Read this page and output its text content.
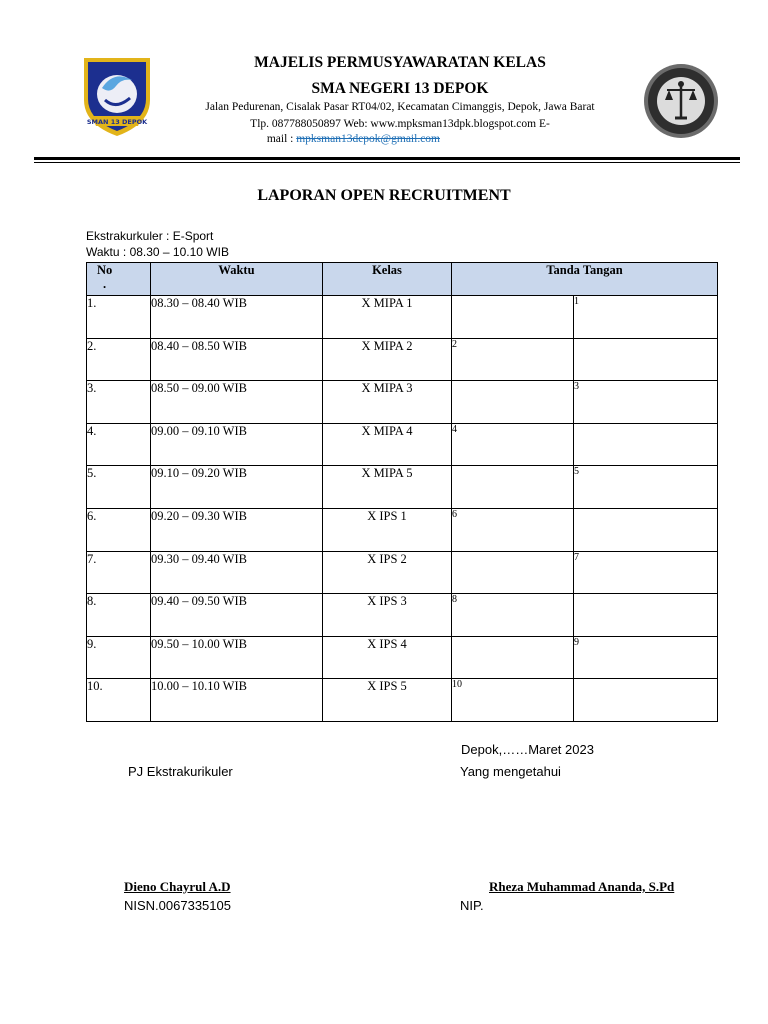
SMAN 13 DEPOK
MAJELIS PERMUSYAWARATAN KELAS
SMA NEGERI 13 DEPOK
Jalan Pedurenan, Cisalak Pasar RT04/02, Kecamatan Cimanggis, Depok, Jawa Barat
Tlp. 087788050897 Web: www.mpksman13dpk.blogspot.com E-
mail : mpksman13depok@gmail.com
LAPORAN OPEN RECRUITMENT
Ekstrakurkuler : E-Sport
Waktu : 08.30 – 10.10 WIB
No
.	Waktu	Kelas	Tanda Tangan	
1.	08.30 – 08.40 WIB	X MIPA 1		1
2.	08.40 – 08.50 WIB	X MIPA 2	2	
3.	08.50 – 09.00 WIB	X MIPA 3		3
4.	09.00 – 09.10 WIB	X MIPA 4	4	
5.	09.10 – 09.20 WIB	X MIPA 5		5
6.	09.20 – 09.30 WIB	X IPS 1	6	
7.	09.30 – 09.40 WIB	X IPS 2		7
8.	09.40 – 09.50 WIB	X IPS 3	8	
9.	09.50 – 10.00 WIB	X IPS 4		9
10.	10.00 – 10.10 WIB	X IPS 5	10	
Depok,……Maret 2023
PJ Ekstrakurikuler	Yang mengetahui
Dieno Chayrul A.D
NISN.0067335105
Rheza Muhammad Ananda, S.Pd
NIP.
